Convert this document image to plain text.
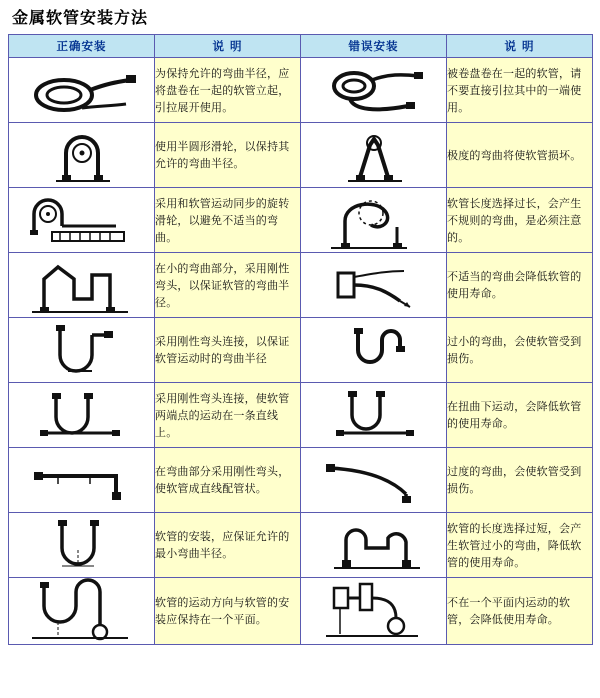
金属软管安装方法
正确安装	说 明	错误安装	说 明

	为保持允许的弯曲半径，应将盘卷在一起的软管立起，引拉展开使用。		被卷盘卷在一起的软管，请不要直接引拉其中的一端使用。

	使用半圆形滑轮，以保持其允许的弯曲半径。		极度的弯曲将使软管损坏。

	采用和软管运动同步的旋转滑轮，以避免不适当的弯曲。		软管长度选择过长，会产生不规则的弯曲，是必须注意的。

	在小的弯曲部分，采用刚性弯头，以保证软管的弯曲半径。		不适当的弯曲会降低软管的使用寿命。

	采用刚性弯头连接，以保证软管运动时的弯曲半径		过小的弯曲，会使软管受到损伤。

	采用刚性弯头连接，使软管两端点的运动在一条直线上。		在扭曲下运动，会降低软管的使用寿命。

	在弯曲部分采用刚性弯头，使软管成直线配管状。		过度的弯曲，会使软管受到损伤。

	软管的安装，应保证允许的最小弯曲半径。		软管的长度选择过短，会产生软管过小的弯曲，降低软管的使用寿命。

	软管的运动方向与软管的安装应保持在一个平面。		不在一个平面内运动的软管，会降低使用寿命。
